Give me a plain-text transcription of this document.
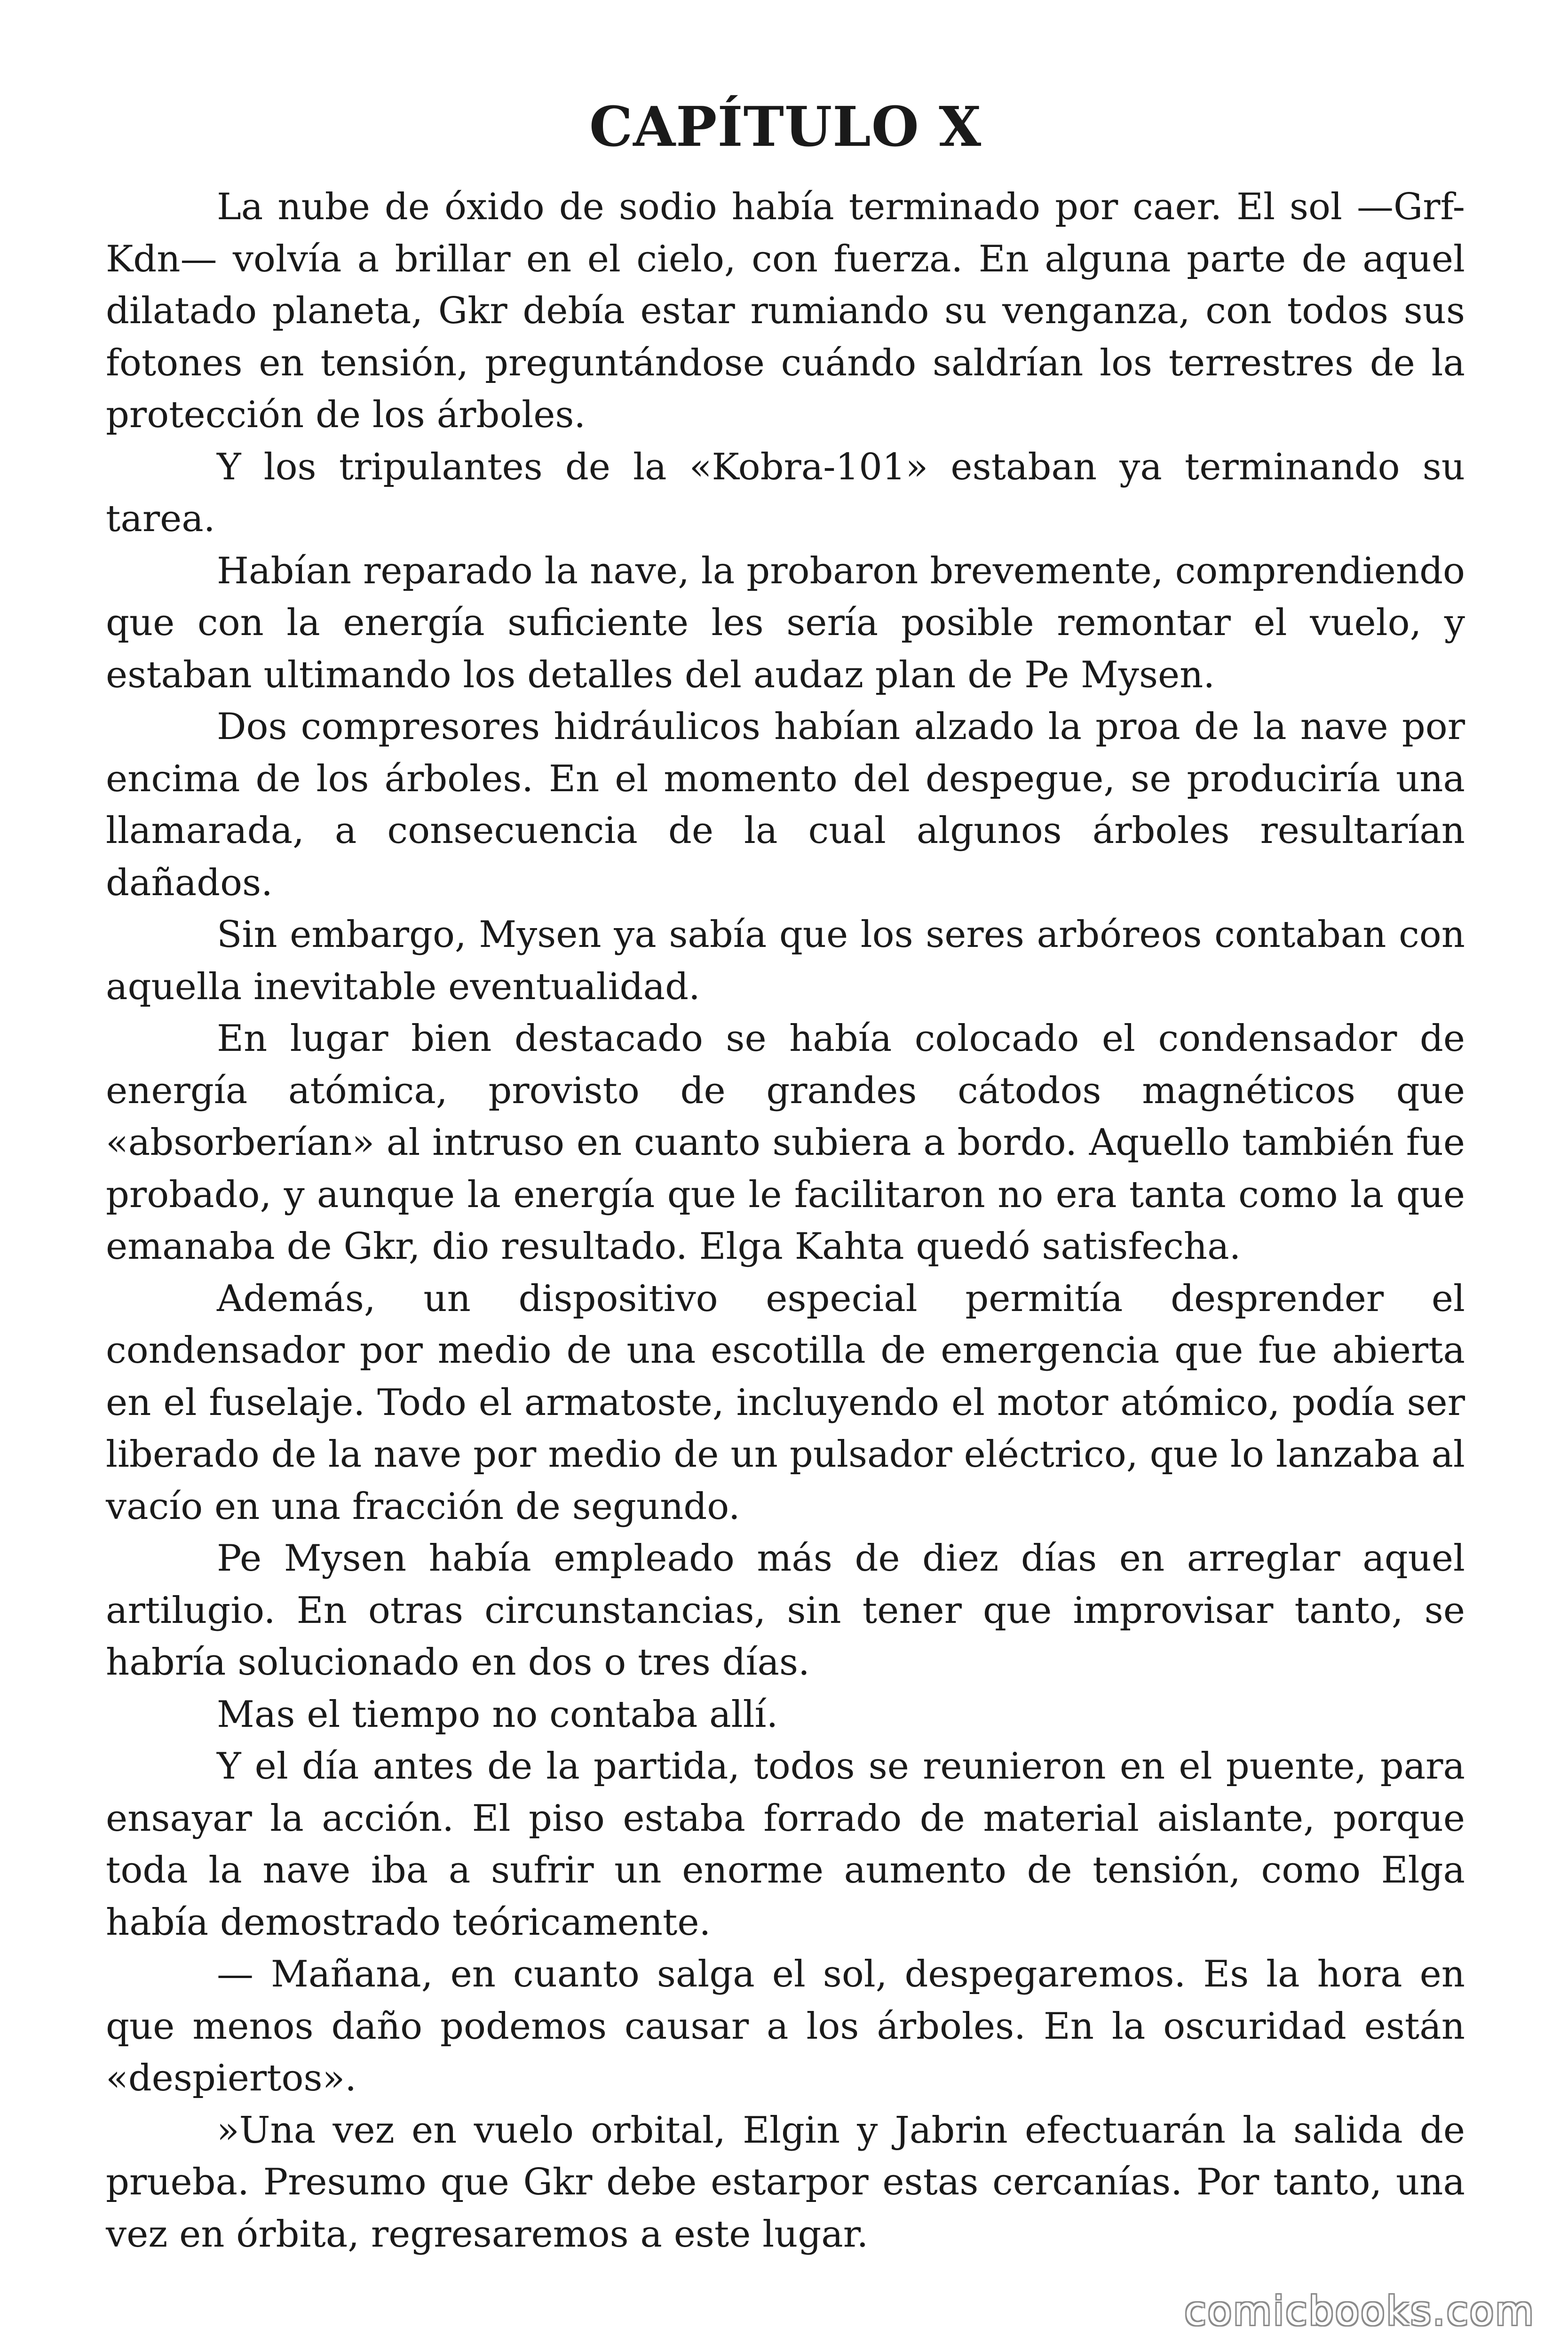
CAPÍTULO X

La nube de óxido de sodio había terminado por caer. El sol —Grf-Kdn— volvía a brillar en el cielo, con fuerza. En alguna parte de aquel dilatado planeta, Gkr debía estar rumiando su venganza, con todos sus fotones en tensión, preguntándose cuándo saldrían los terrestres de la protección de los árboles.

Y los tripulantes de la «Kobra-101» estaban ya terminando su tarea.

Habían reparado la nave, la probaron brevemente, comprendiendo que con la energía suficiente les sería posible remontar el vuelo, y estaban ultimando los detalles del audaz plan de Pe Mysen.

Dos compresores hidráulicos habían alzado la proa de la nave por encima de los árboles. En el momento del despegue, se produciría una llamarada, a consecuencia de la cual algunos árboles resultarían dañados.

Sin embargo, Mysen ya sabía que los seres arbóreos contaban con aquella inevitable eventualidad.

En lugar bien destacado se había colocado el condensador de energía atómica, provisto de grandes cátodos magnéticos que «absorberían» al intruso en cuanto subiera a bordo. Aquello también fue probado, y aunque la energía que le facilitaron no era tanta como la que emanaba de Gkr, dio resultado. Elga Kahta quedó satisfecha.

Además, un dispositivo especial permitía desprender el condensador por medio de una escotilla de emergencia que fue abierta en el fuselaje. Todo el armatoste, incluyendo el motor atómico, podía ser liberado de la nave por medio de un pulsador eléctrico, que lo lanzaba al vacío en una fracción de segundo.

Pe Mysen había empleado más de diez días en arreglar aquel artilugio. En otras circunstancias, sin tener que improvisar tanto, se habría solucionado en dos o tres días.

Mas el tiempo no contaba allí.

Y el día antes de la partida, todos se reunieron en el puente, para ensayar la acción. El piso estaba forrado de material aislante, porque toda la nave iba a sufrir un enorme aumento de tensión, como Elga había demostrado teóricamente.

— Mañana, en cuanto salga el sol, despegaremos. Es la hora en que menos daño podemos causar a los árboles. En la oscuridad están «despiertos».

»Una vez en vuelo orbital, Elgin y Jabrin efectuarán la salida de prueba. Presumo que Gkr debe estarpor estas cercanías. Por tanto, una vez en órbita, regresaremos a este lugar.

comicbooks.com
